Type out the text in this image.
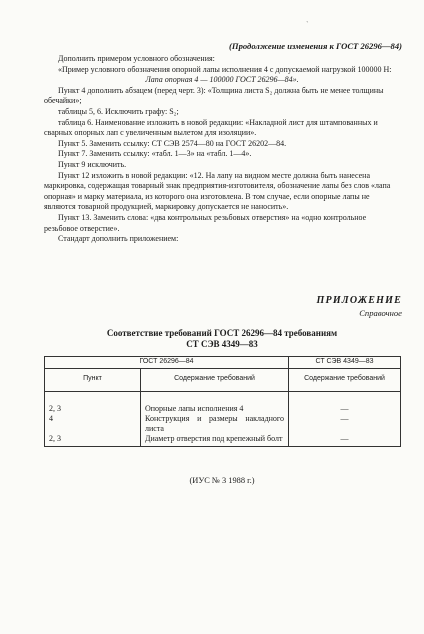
`
(Продолжение изменения к ГОСТ 26296—84)

Дополнить примером условного обозначения:

«Пример условного обозначения опорной лапы исполнения 4 с допускаемой нагрузкой 100000 Н:

Лапа опорная 4 — 100000 ГОСТ 26296—84».

Пункт 4 дополнить абзацем (перед черт. 3): «Толщина листа S₂ должна быть не менее толщины обечайки»;

таблицы 5, 6. Исключить графу: S₂;

таблица 6. Наименование изложить в новой редакции: «Накладной лист для штампованных и сварных опорных лап с увеличенным вылетом для изоляции».

Пункт 5. Заменить ссылку: СТ СЭВ 2574—80 на ГОСТ 26202—84.

Пункт 7. Заменить ссылку: «табл. 1—3» на «табл. 1—4».

Пункт 9 исключить.

Пункт 12 изложить в новой редакции: «12. На лапу на видном месте должна быть нанесена маркировка, содержащая товарный знак предприятия-изготовителя, обозначение лапы без слов «лапа опорная» и марку материала, из которого она изготовлена. В том случае, если опорные лапы не являются товарной продукцией, маркировку допускается не наносить».

Пункт 13. Заменить слова: «два контрольных резьбовых отверстия» на «одно контрольное резьбовое отверстие».

Стандарт дополнить приложением:

ПРИЛОЖЕНИЕ
Справочное
Соответствие требований ГОСТ 26296—84 требованиям
СТ СЭВ 4349—83
ГОСТ 26296—84		СТ СЭВ 4349—83
Пункт	Содержание требований	Содержание требований
2, 3	Опорные лапы исполнения 4	—
4	Конструкция и размеры накладного листа	—
2, 3	Диаметр отверстия под крепежный болт	—
(ИУС № 3 1988 г.)
